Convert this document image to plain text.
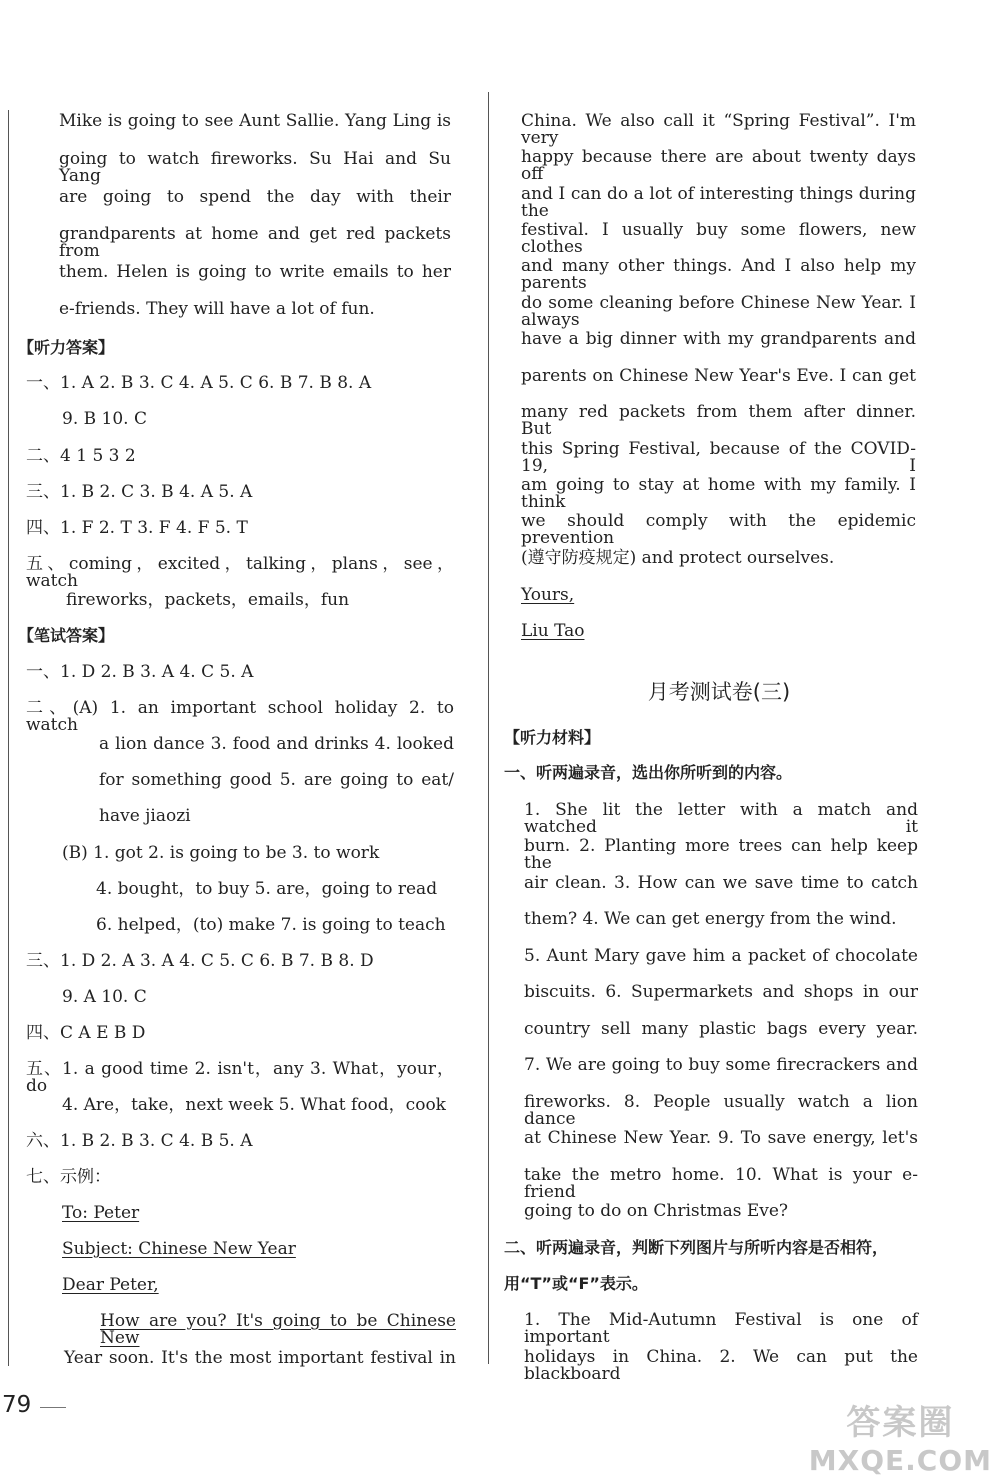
Mike is going to see Aunt Sallie. Yang Ling is
going to watch fireworks. Su Hai and Su Yang
are going to spend the day with their
grandparents at home and get red packets from
them. Helen is going to write emails to her
e-friends. They will have a lot of fun.
【听力答案】
一、1. A 2. B 3. C 4. A 5. C 6. B 7. B 8. A
9. B 10. C
二、4 1 5 3 2
三、1. B 2. C 3. B 4. A 5. A
四、1. F 2. T 3. F 4. F 5. T
五、coming，excited，talking，plans，see，watch
fireworks，packets，emails，fun
【笔试答案】
一、1. D 2. B 3. A 4. C 5. A
二、(A) 1. an important school holiday 2. to watch
a lion dance 3. food and drinks 4. looked
for something good 5. are going to eat/
have jiaozi
(B) 1. got 2. is going to be 3. to work
4. bought，to buy 5. are，going to read
6. helped，(to) make 7. is going to teach
三、1. D 2. A 3. A 4. C 5. C 6. B 7. B 8. D
9. A 10. C
四、C A E B D
五、1. a good time 2. isn't，any 3. What，your，do
4. Are，take，next week 5. What food，cook
六、1. B 2. B 3. C 4. B 5. A
七、示例：
To: Peter
Subject: Chinese New Year
Dear Peter,
How are you? It's going to be Chinese New
Year soon. It's the most important festival in
China. We also call it “Spring Festival”. I'm very
happy because there are about twenty days off
and I can do a lot of interesting things during the
festival. I usually buy some flowers, new clothes
and many other things. And I also help my parents
do some cleaning before Chinese New Year. I always
have a big dinner with my grandparents and
parents on Chinese New Year's Eve. I can get
many red packets from them after dinner. But
this Spring Festival, because of the COVID-19, I
am going to stay at home with my family. I think
we should comply with the epidemic prevention
(遵守防疫规定) and protect ourselves.
Yours,
Liu Tao
月考测试卷(三)
【听力材料】
一、听两遍录音，选出你所听到的内容。
1. She lit the letter with a match and watched it
burn. 2. Planting more trees can help keep the
air clean. 3. How can we save time to catch
them? 4. We can get energy from the wind.
5. Aunt Mary gave him a packet of chocolate
biscuits. 6. Supermarkets and shops in our
country sell many plastic bags every year.
7. We are going to buy some firecrackers and
fireworks. 8. People usually watch a lion dance
at Chinese New Year. 9. To save energy, let's
take the metro home. 10. What is your e-friend
going to do on Christmas Eve?
二、听两遍录音，判断下列图片与所听内容是否相符，
用“T”或“F”表示。
1. The Mid-Autumn Festival is one of important
holidays in China. 2. We can put the blackboard
79	答案圈
MXQE.COM
